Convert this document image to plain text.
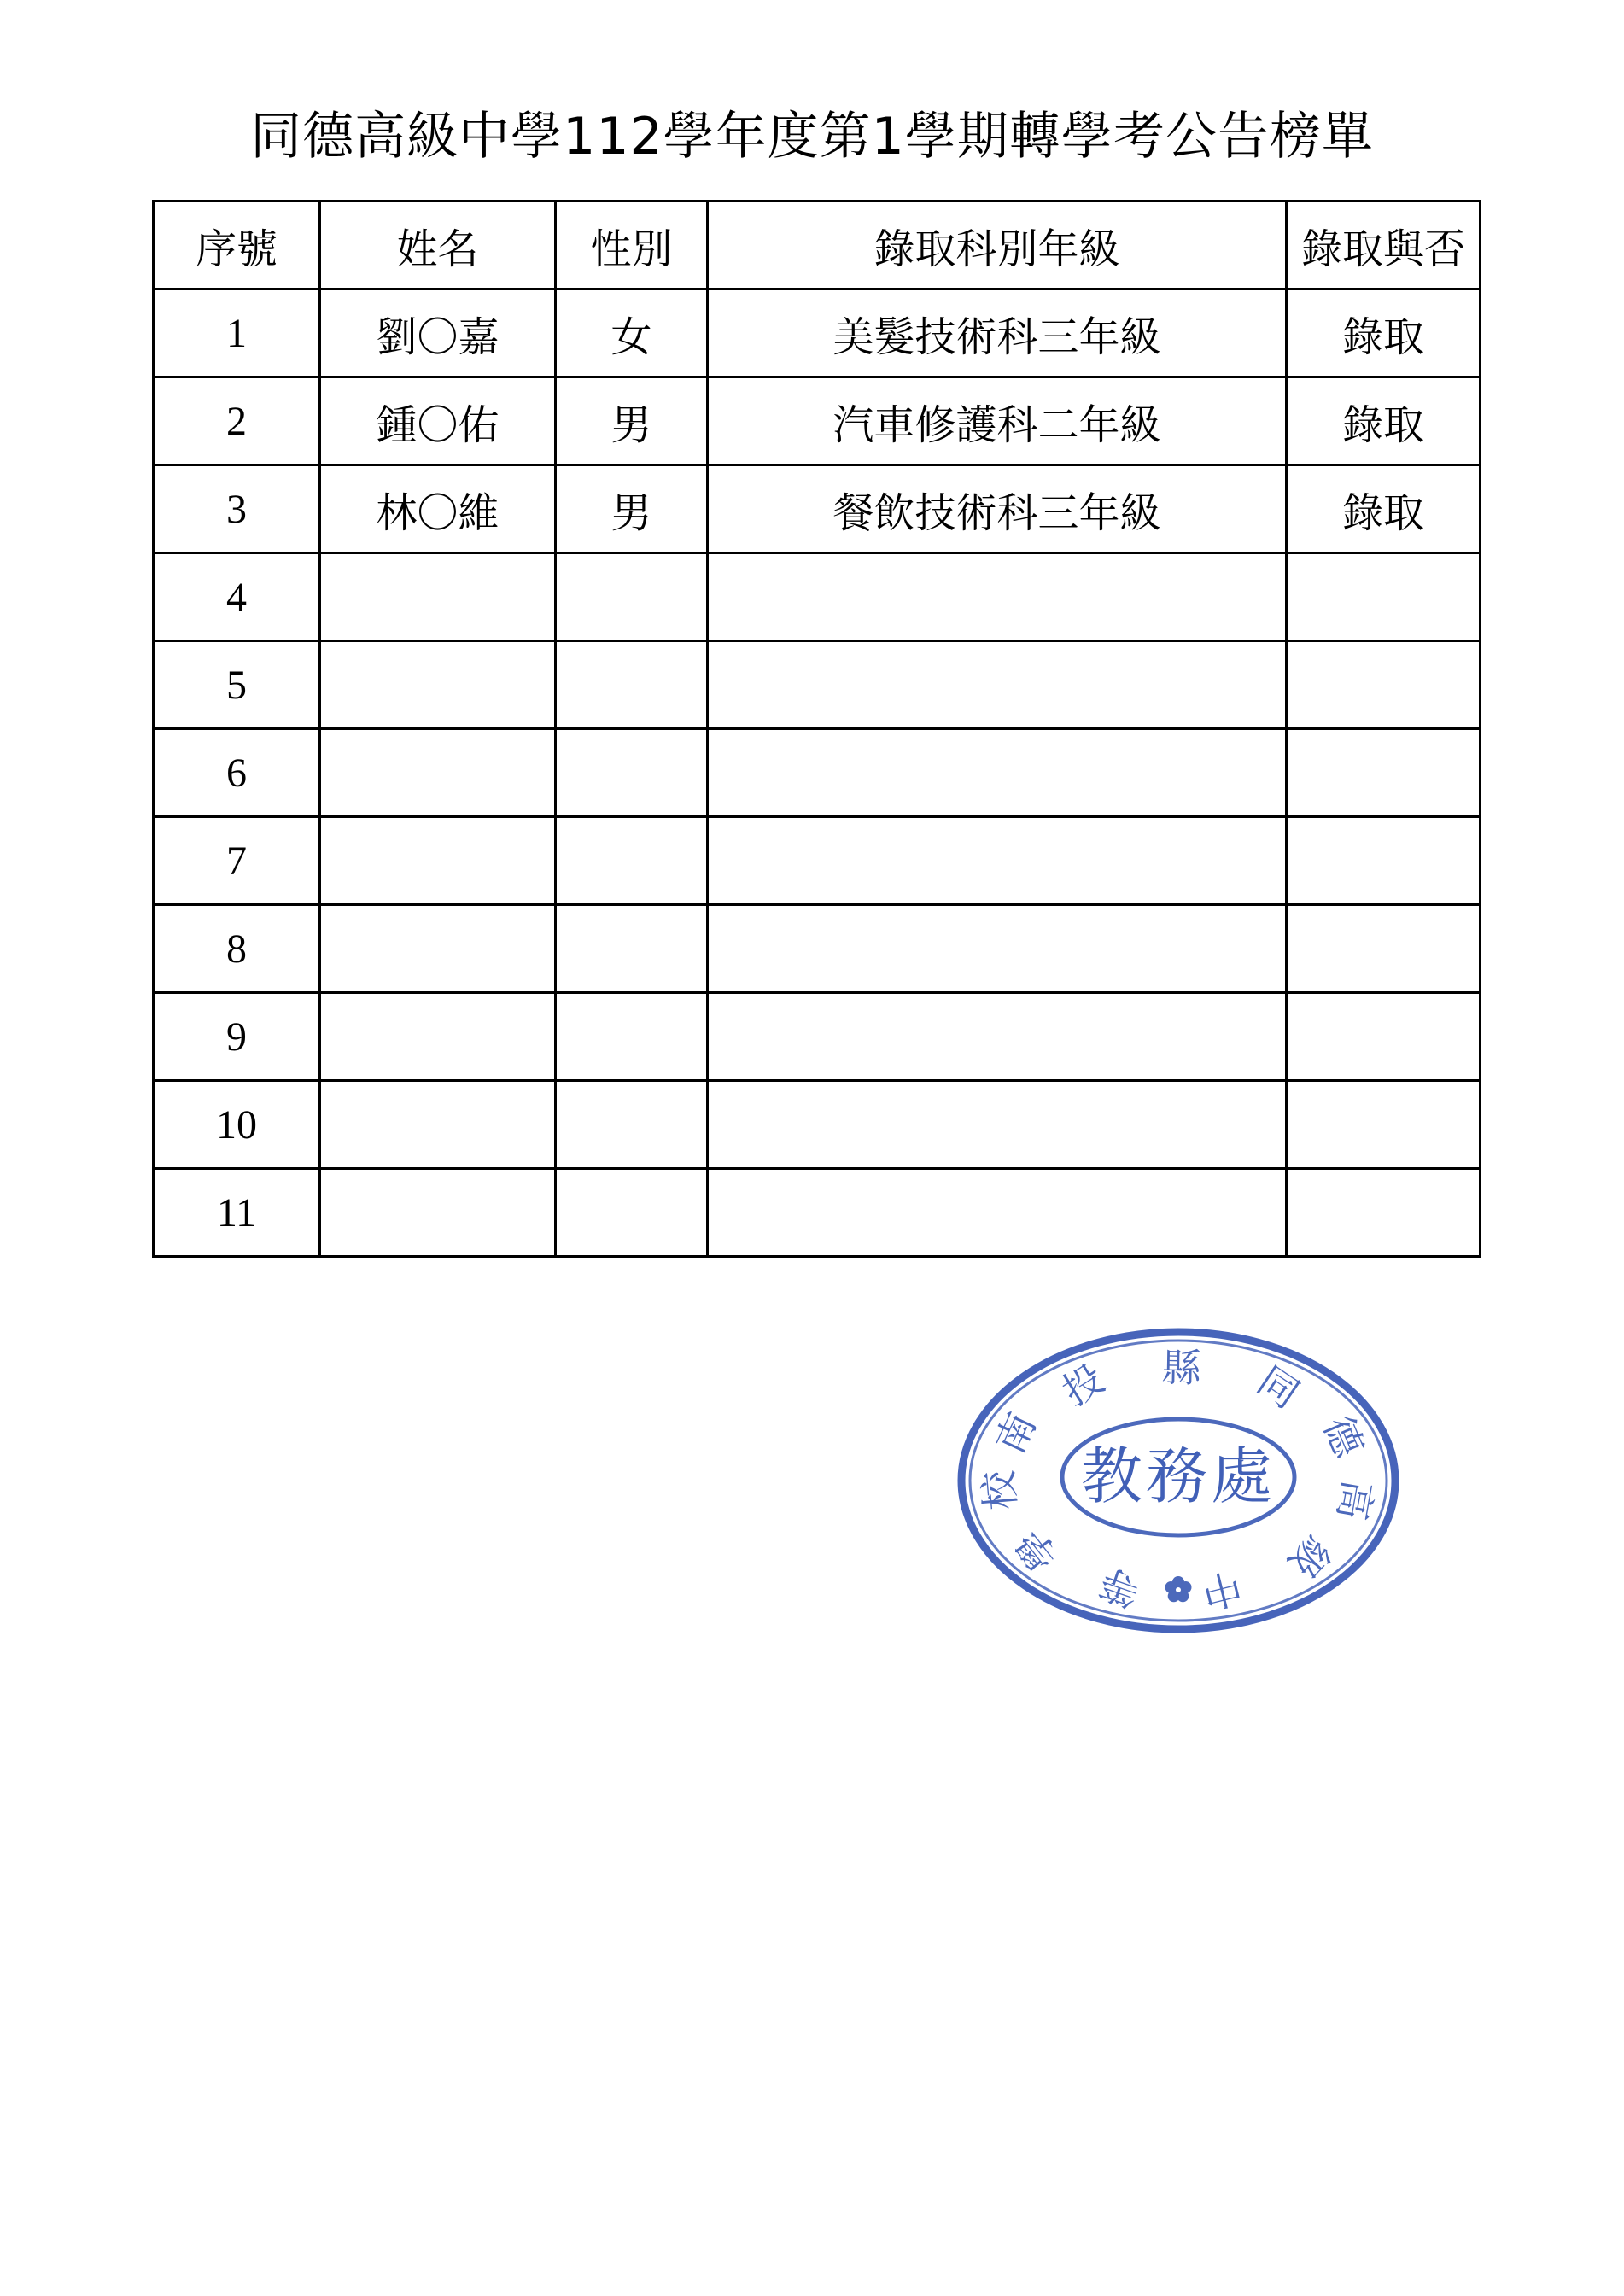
同德高級中學112學年度第1學期轉學考公告榜單
序號	姓名	性別	錄取科別年級	錄取與否
1	劉〇嘉	女	美髮技術科三年級	錄取
2	鍾〇佑	男	汽車修護科二年級	錄取
3	林〇維	男	餐飲技術科三年級	錄取
4				
5				
6				
7				
8				
9				
10				
11				
教務處
南
投 縣 同
德
高
級
中
等
學
校
